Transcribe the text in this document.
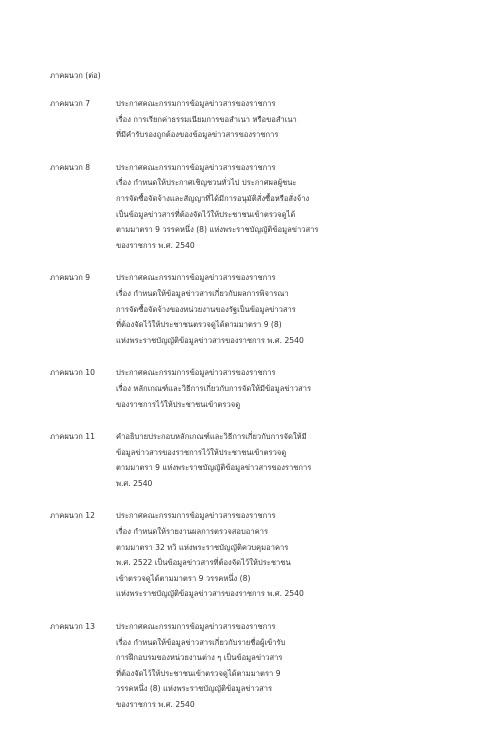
ภาคผนวก (ต่อ)
ภาคผนวก 7	ประกาศคณะกรรมการข้อมูลข่าวสารของราชการ
เรื่อง การเรียกค่าธรรมเนียมการขอสำเนา หรือขอสำเนา
ที่มีคำรับรองถูกต้องของข้อมูลข่าวสารของราชการ
ภาคผนวก 8	ประกาศคณะกรรมการข้อมูลข่าวสารของราชการ
เรื่อง กำหนดให้ประกาศเชิญชวนทั่วไป ประกาศผลผู้ชนะ
การจัดซื้อจัดจ้างและสัญญาที่ได้มีการอนุมัติสั่งซื้อหรือสั่งจ้าง
เป็นข้อมูลข่าวสารที่ต้องจัดไว้ให้ประชาชนเข้าตรวจดูได้
ตามมาตรา 9 วรรคหนึ่ง (8) แห่งพระราชบัญญัติข้อมูลข่าวสาร
ของราชการ พ.ศ. 2540
ภาคผนวก 9	ประกาศคณะกรรมการข้อมูลข่าวสารของราชการ
เรื่อง กำหนดให้ข้อมูลข่าวสารเกี่ยวกับผลการพิจารณา
การจัดซื้อจัดจ้างของหน่วยงานของรัฐเป็นข้อมูลข่าวสาร
ที่ต้องจัดไว้ให้ประชาชนตรวจดูได้ตามมาตรา 9 (8)
แห่งพระราชบัญญัติข้อมูลข่าวสารของราชการ พ.ศ. 2540
ภาคผนวก 10	ประกาศคณะกรรมการข้อมูลข่าวสารของราชการ
เรื่อง หลักเกณฑ์และวิธีการเกี่ยวกับการจัดให้มีข้อมูลข่าวสาร
ของราชการไว้ให้ประชาชนเข้าตรวจดู
ภาคผนวก 11	คำอธิบายประกอบหลักเกณฑ์และวิธีการเกี่ยวกับการจัดให้มี
ข้อมูลข่าวสารของราชการไว้ให้ประชาชนเข้าตรวจดู
ตามมาตรา 9 แห่งพระราชบัญญัติข้อมูลข่าวสารของราชการ
พ.ศ. 2540
ภาคผนวก 12	ประกาศคณะกรรมการข้อมูลข่าวสารของราชการ
เรื่อง กำหนดให้รายงานผลการตรวจสอบอาคาร
ตามมาตรา 32 ทวิ แห่งพระราชบัญญัติควบคุมอาคาร
พ.ศ. 2522 เป็นข้อมูลข่าวสารที่ต้องจัดไว้ให้ประชาชน
เข้าตรวจดูได้ตามมาตรา 9 วรรคหนึ่ง (8)
แห่งพระราชบัญญัติข้อมูลข่าวสารของราชการ พ.ศ. 2540
ภาคผนวก 13	ประกาศคณะกรรมการข้อมูลข่าวสารของราชการ
เรื่อง กำหนดให้ข้อมูลข่าวสารเกี่ยวกับรายชื่อผู้เข้ารับ
การฝึกอบรมของหน่วยงานต่าง ๆ เป็นข้อมูลข่าวสาร
ที่ต้องจัดไว้ให้ประชาชนเข้าตรวจดูได้ตามมาตรา 9
วรรคหนึ่ง (8) แห่งพระราชบัญญัติข้อมูลข่าวสาร
ของราชการ พ.ศ. 2540
